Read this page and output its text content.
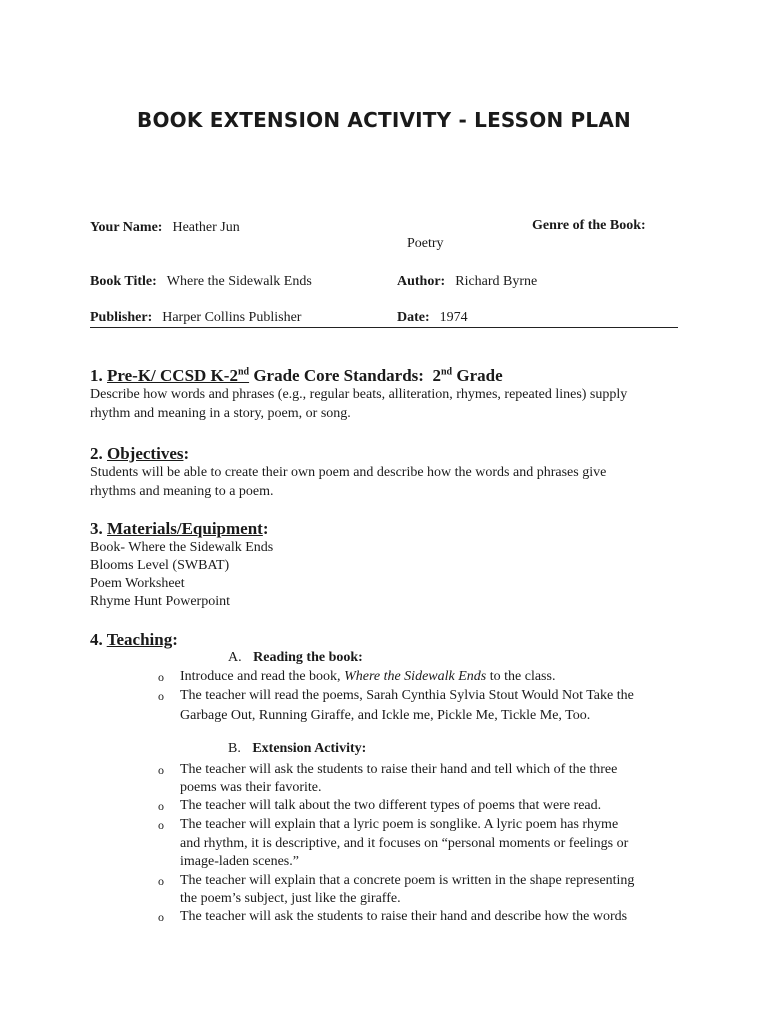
BOOK EXTENSION ACTIVITY - LESSON PLAN
Your Name: Heather Jun	Genre of the Book:
Poetry
Book Title: Where the Sidewalk Ends	Author: Richard Byrne
Publisher: Harper Collins Publisher	Date: 1974
1. Pre-K/ CCSD K-2nd Grade Core Standards: 2nd Grade
Describe how words and phrases (e.g., regular beats, alliteration, rhymes, repeated lines) supply
rhythm and meaning in a story, poem, or song.
2. Objectives:
Students will be able to create their own poem and describe how the words and phrases give
rhythms and meaning to a poem.
3. Materials/Equipment:
Book- Where the Sidewalk Ends
Blooms Level (SWBAT)
Poem Worksheet
Rhyme Hunt Powerpoint
4. Teaching:
A. Reading the book:
o Introduce and read the book, Where the Sidewalk Ends to the class.
o The teacher will read the poems, Sarah Cynthia Sylvia Stout Would Not Take the
Garbage Out, Running Giraffe, and Ickle me, Pickle Me, Tickle Me, Too.
B. Extension Activity:
o The teacher will ask the students to raise their hand and tell which of the three
poems was their favorite.
o The teacher will talk about the two different types of poems that were read.
o The teacher will explain that a lyric poem is songlike. A lyric poem has rhyme
and rhythm, it is descriptive, and it focuses on “personal moments or feelings or
image-laden scenes.”
o The teacher will explain that a concrete poem is written in the shape representing
the poem’s subject, just like the giraffe.
o The teacher will ask the students to raise their hand and describe how the words
